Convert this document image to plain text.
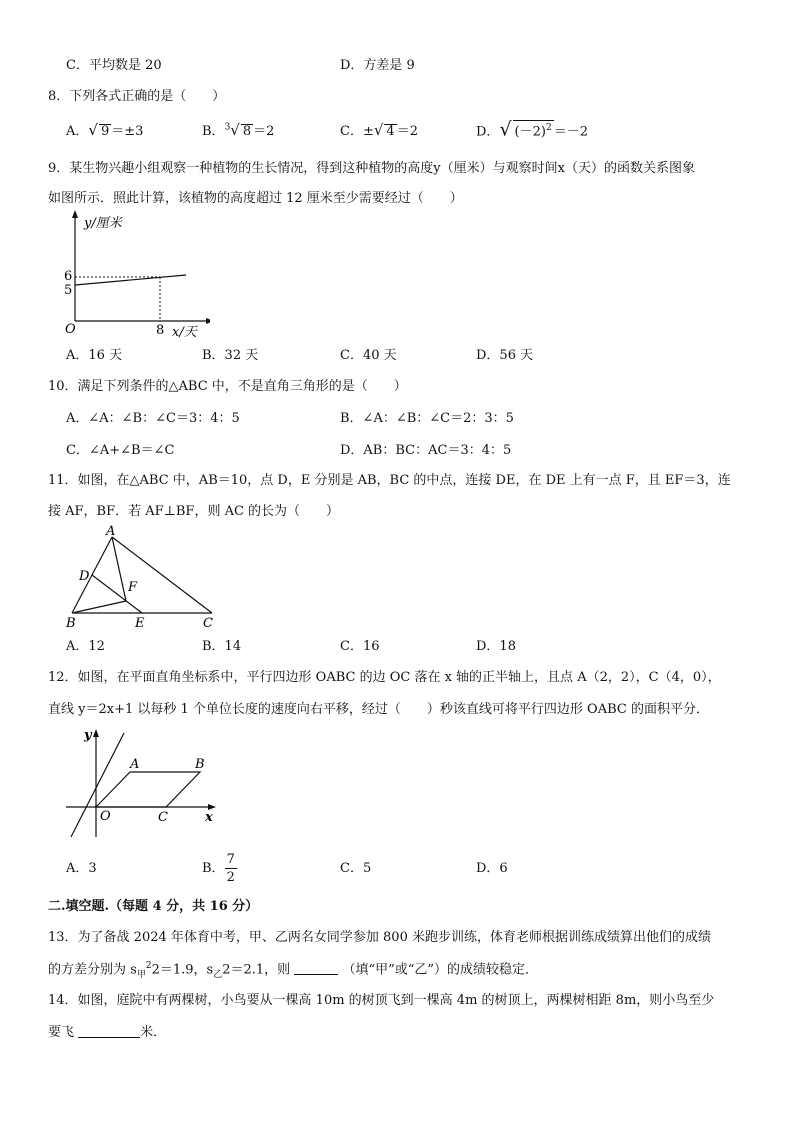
C．平均数是 20	D．方差是 9
8．下列各式正确的是（　　）
A．√ 9 ＝±3	B．$^3$√ 8 ＝2	C．±√ 4 ＝2	D．√ $(-2)^2 =-2$
9．某生物兴趣小组观察一种植物的生长情况，得到这种植物的高度y（厘米）与观察时间x（天）的函数关系图象
如图所示．照此计算，该植物的高度超过 12 厘米至少需要经过（　　）
y/厘米
O
6
5
8 x/天
A．16 天	B．32 天	C．40 天	D．56 天
10．满足下列条件的△ABC 中，不是直角三角形的是（　　）
A．∠A：∠B：∠C＝3：4：5	B．∠A：∠B：∠C＝2：3：5
C．∠A+∠B＝∠C	D．AB：BC：AC＝3：4：5
11．如图，在△ABC 中，AB＝10，点 D，E 分别是 AB，BC 的中点，连接 DE，在 DE 上有一点 F，且 EF＝3，连
接 AF，BF．若 AF⊥BF，则 AC 的长为（　　）
A
D
F
B	E	C
A．12	B．14	C．16	D．18
12．如图，在平面直角坐标系中，平行四边形 OABC 的边 OC 落在 x 轴的正半轴上，且点 A（2，2），C（4，0），
直线 y＝2x+1 以每秒 1 个单位长度的速度向右平移，经过（　　）秒该直线可将平行四边形 OABC 的面积平分．
y
A	B
O	C	x
A．3	B． $\frac{7}{2}$	C．5	D．6
二.填空题.（每题 4 分，共 16 分）
13．为了备战 2024 年体育中考，甲、乙两名女同学参加 800 米跑步训练，体育老师根据训练成绩算出他们的成绩
的方差分别为 $s_甲^22=1.9$，$s_乙2=2.1$，则	（填“甲”或“乙”）的成绩较稳定．
14．如图，庭院中有两棵树，小鸟要从一棵高 10m 的树顶飞到一棵高 4m 的树顶上，两棵树相距 8m，则小鸟至少
要飞	米．
